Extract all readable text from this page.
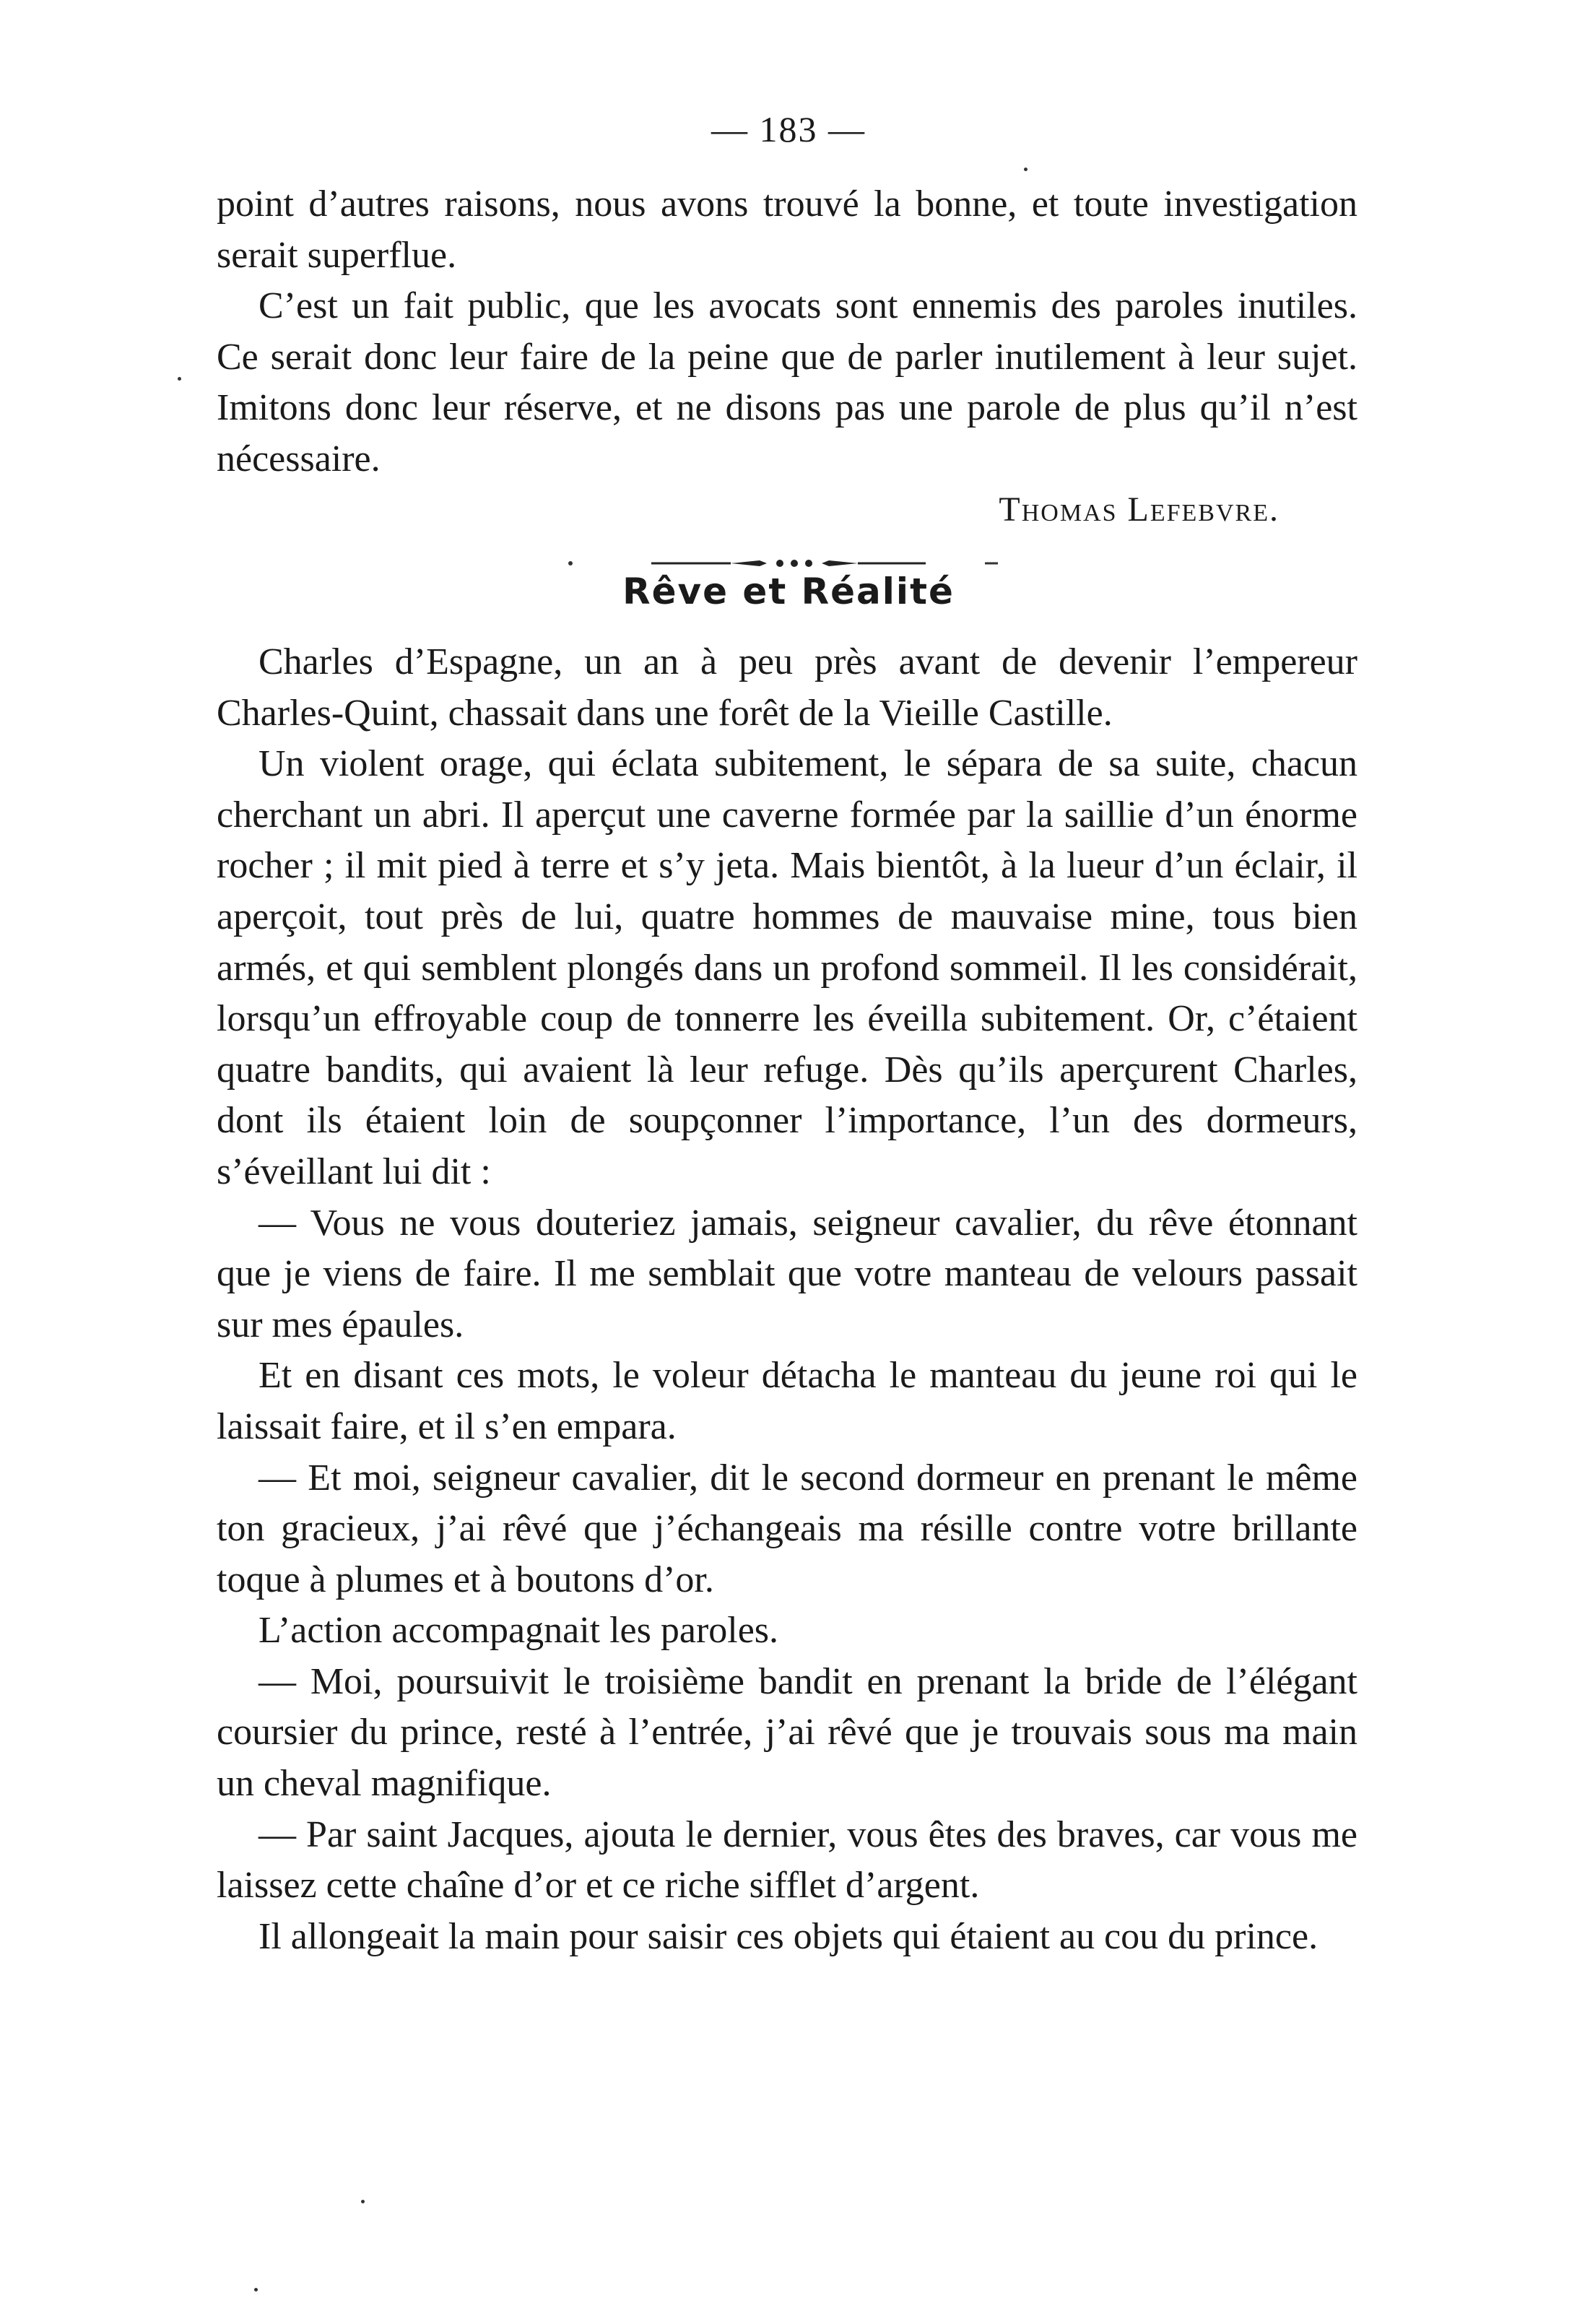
— 183 —

point d’autres raisons, nous avons trouvé la bonne, et toute investigation serait superflue.

C’est un fait public, que les avocats sont ennemis des paroles inutiles. Ce serait donc leur faire de la peine que de parler inutilement à leur sujet. Imitons donc leur réserve, et ne disons pas une parole de plus qu’il n’est nécessaire.

Thomas Lefebvre.
Rêve et Réalité

Charles d’Espagne, un an à peu près avant de devenir l’empereur Charles-Quint, chassait dans une forêt de la Vieille Castille.

Un violent orage, qui éclata subitement, le sépara de sa suite, chacun cherchant un abri. Il aperçut une caverne formée par la saillie d’un énorme rocher ; il mit pied à terre et s’y jeta. Mais bientôt, à la lueur d’un éclair, il aperçoit, tout près de lui, quatre hommes de mauvaise mine, tous bien armés, et qui semblent plongés dans un profond sommeil. Il les considérait, lorsqu’un effroyable coup de tonnerre les éveilla subitement. Or, c’étaient quatre bandits, qui avaient là leur refuge. Dès qu’ils aperçurent Charles, dont ils étaient loin de soupçonner l’importance, l’un des dormeurs, s’éveillant lui dit :

— Vous ne vous douteriez jamais, seigneur cavalier, du rêve étonnant que je viens de faire. Il me semblait que votre manteau de velours passait sur mes épaules.

Et en disant ces mots, le voleur détacha le manteau du jeune roi qui le laissait faire, et il s’en empara.

— Et moi, seigneur cavalier, dit le second dormeur en prenant le même ton gracieux, j’ai rêvé que j’échangeais ma résille contre votre brillante toque à plumes et à boutons d’or.

L’action accompagnait les paroles.

— Moi, poursuivit le troisième bandit en prenant la bride de l’élégant coursier du prince, resté à l’entrée, j’ai rêvé que je trouvais sous ma main un cheval magnifique.

— Par saint Jacques, ajouta le dernier, vous êtes des braves, car vous me laissez cette chaîne d’or et ce riche sifflet d’argent.

Il allongeait la main pour saisir ces objets qui étaient au cou du prince.
